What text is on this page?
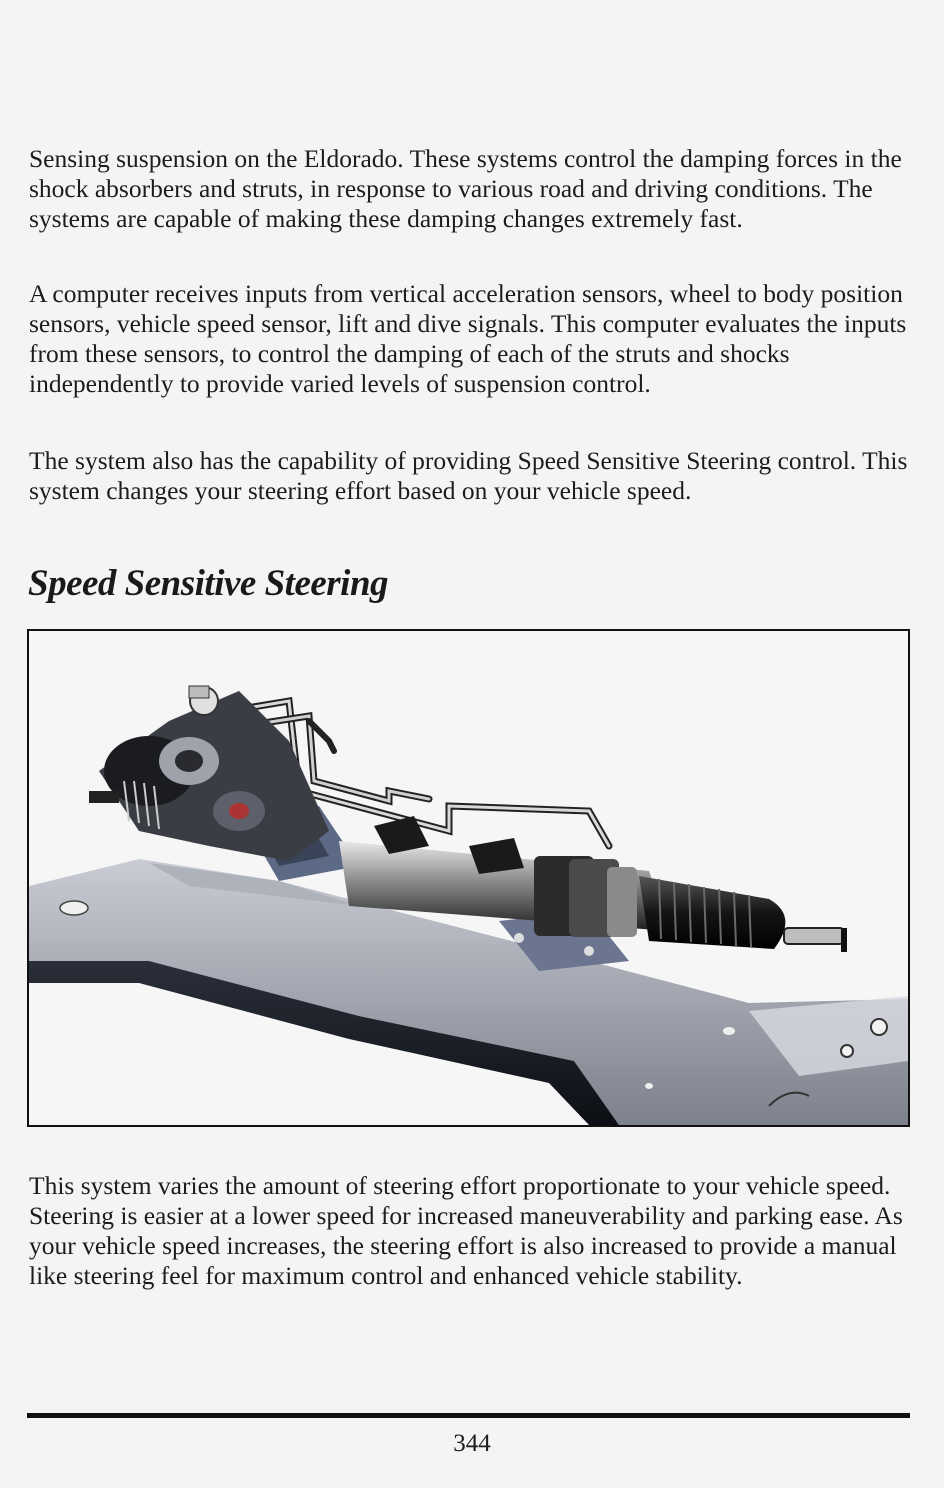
Sensing suspension on the Eldorado. These systems control the damping forces in the shock absorbers and struts, in response to various road and driving conditions. The systems are capable of making these damping changes extremely fast.

A computer receives inputs from vertical acceleration sensors, wheel to body position sensors, vehicle speed sensor, lift and dive signals. This computer evaluates the inputs from these sensors, to control the damping of each of the struts and shocks independently to provide varied levels of suspension control.

The system also has the capability of providing Speed Sensitive Steering control. This system changes your steering effort based on your vehicle speed.

Speed Sensitive Steering

This system varies the amount of steering effort proportionate to your vehicle speed. Steering is easier at a lower speed for increased maneuverability and parking ease. As your vehicle speed increases, the steering effort is also increased to provide a manual like steering feel for maximum control and enhanced vehicle stability.

344
